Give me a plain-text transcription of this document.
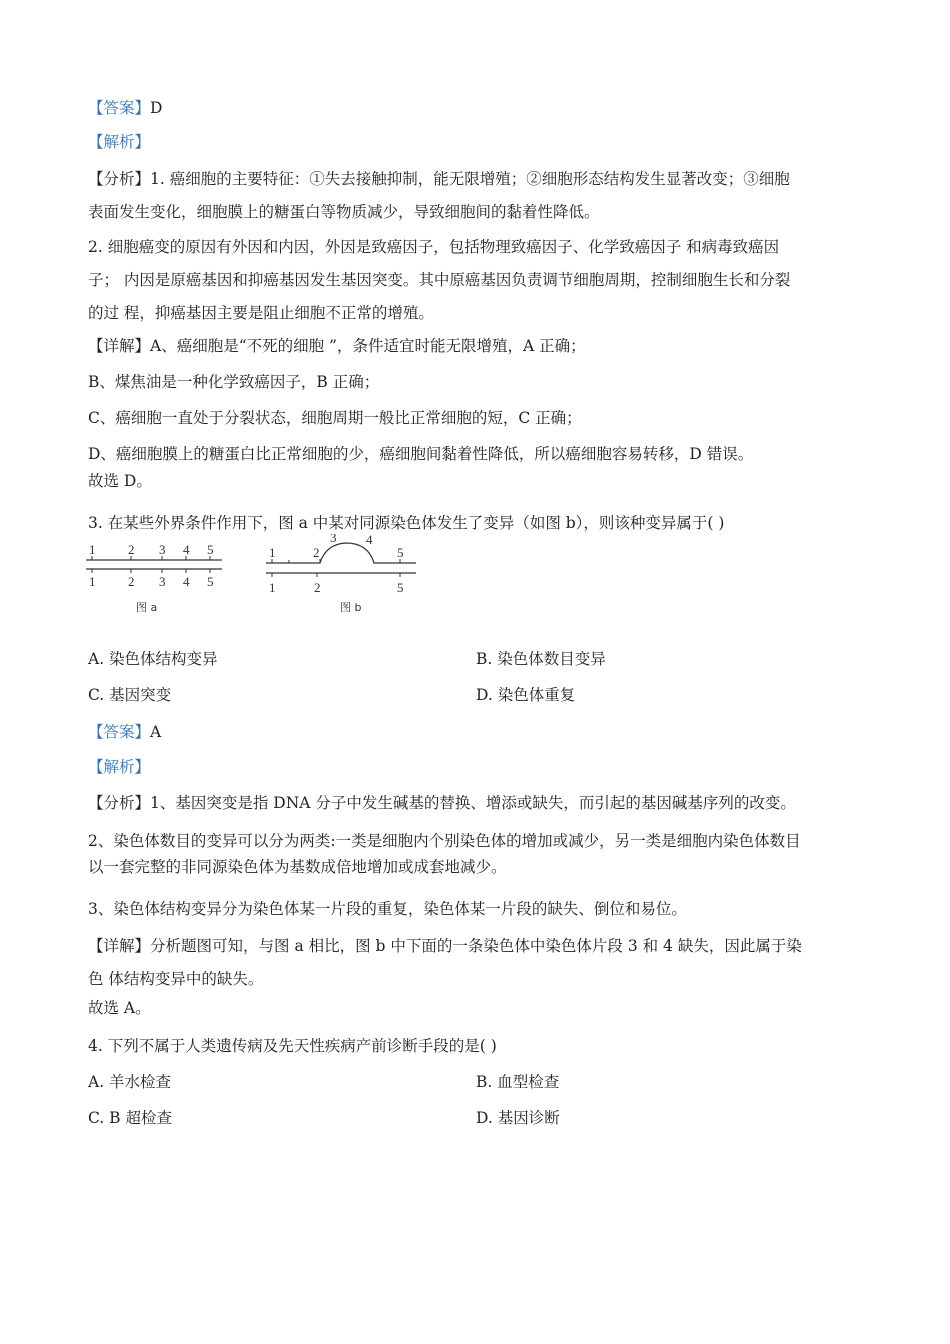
【答案】D
【解析】
【分析】1. 癌细胞的主要特征：①失去接触抑制，能无限增殖；②细胞形态结构发生显著改变；③细胞
表面发生变化，细胞膜上的糖蛋白等物质减少，导致细胞间的黏着性降低。
2. 细胞癌变的原因有外因和内因，外因是致癌因子，包括物理致癌因子、化学致癌因子 和病毒致癌因
子； 内因是原癌基因和抑癌基因发生基因突变。其中原癌基因负责调节细胞周期，控制细胞生长和分裂
的过 程，抑癌基因主要是阻止细胞不正常的增殖。
【详解】A、癌细胞是“不死的细胞 ”，条件适宜时能无限增殖，A 正确；
B、煤焦油是一种化学致癌因子，B 正确；
C、癌细胞一直处于分裂状态，细胞周期一般比正常细胞的短，C 正确；
D、癌细胞膜上的糖蛋白比正常细胞的少，癌细胞间黏着性降低，所以癌细胞容易转移，D 错误。
故选 D。
3. 在某些外界条件作用下，图 a 中某对同源染色体发生了变异（如图 b），则该种变异属于( )
1	2 3 4 5
1	2 3 4 5
图 a
1	2
3 4
5
1	2	5
图 b
A. 染色体结构变异	B. 染色体数目变异
C. 基因突变	D. 染色体重复
【答案】A
【解析】
【分析】1、基因突变是指 DNA 分子中发生碱基的替换、增添或缺失，而引起的基因碱基序列的改变。
2、染色体数目的变异可以分为两类:一类是细胞内个别染色体的增加或减少，另一类是细胞内染色体数目
以一套完整的非同源染色体为基数成倍地增加或成套地减少。
3、染色体结构变异分为染色体某一片段的重复，染色体某一片段的缺失、倒位和易位。
【详解】分析题图可知，与图 a 相比，图 b 中下面的一条染色体中染色体片段 3 和 4 缺失，因此属于染
色 体结构变异中的缺失。
故选 A。
4. 下列不属于人类遗传病及先天性疾病产前诊断手段的是( )
A. 羊水检查	B. 血型检查
C. B 超检查	D. 基因诊断
